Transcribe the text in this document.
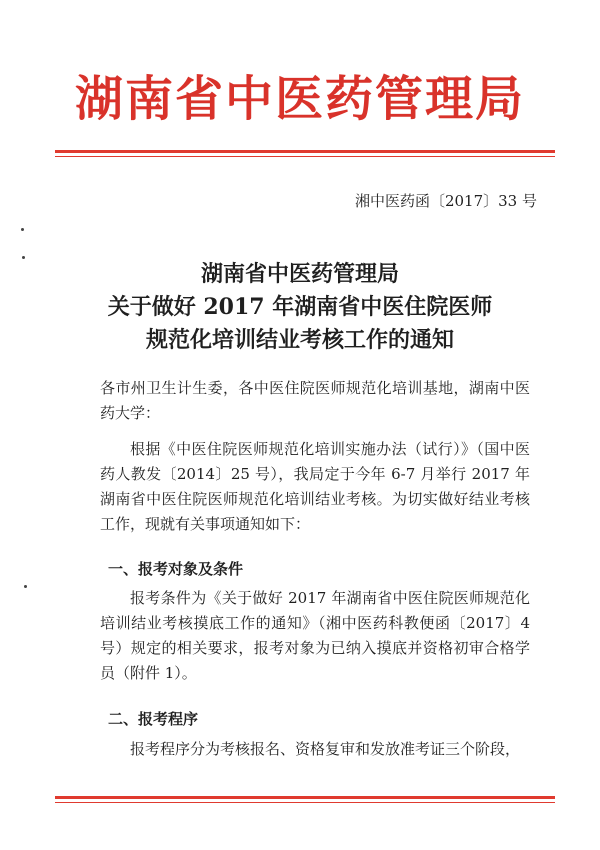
湖南省中医药管理局
湘中医药函〔2017〕33 号
湖南省中医药管理局
关于做好 2017 年湖南省中医住院医师
规范化培训结业考核工作的通知
各市州卫生计生委，各中医住院医师规范化培训基地，湖南中医药大学：
根据《中医住院医师规范化培训实施办法（试行）》（国中医药人教发〔2014〕25 号），我局定于今年 6-7 月举行 2017 年湖南省中医住院医师规范化培训结业考核。为切实做好结业考核工作，现就有关事项通知如下：
一、报考对象及条件
报考条件为《关于做好 2017 年湖南省中医住院医师规范化培训结业考核摸底工作的通知》（湘中医药科教便函〔2017〕4 号）规定的相关要求，报考对象为已纳入摸底并资格初审合格学员（附件 1）。
二、报考程序
报考程序分为考核报名、资格复审和发放准考证三个阶段，
